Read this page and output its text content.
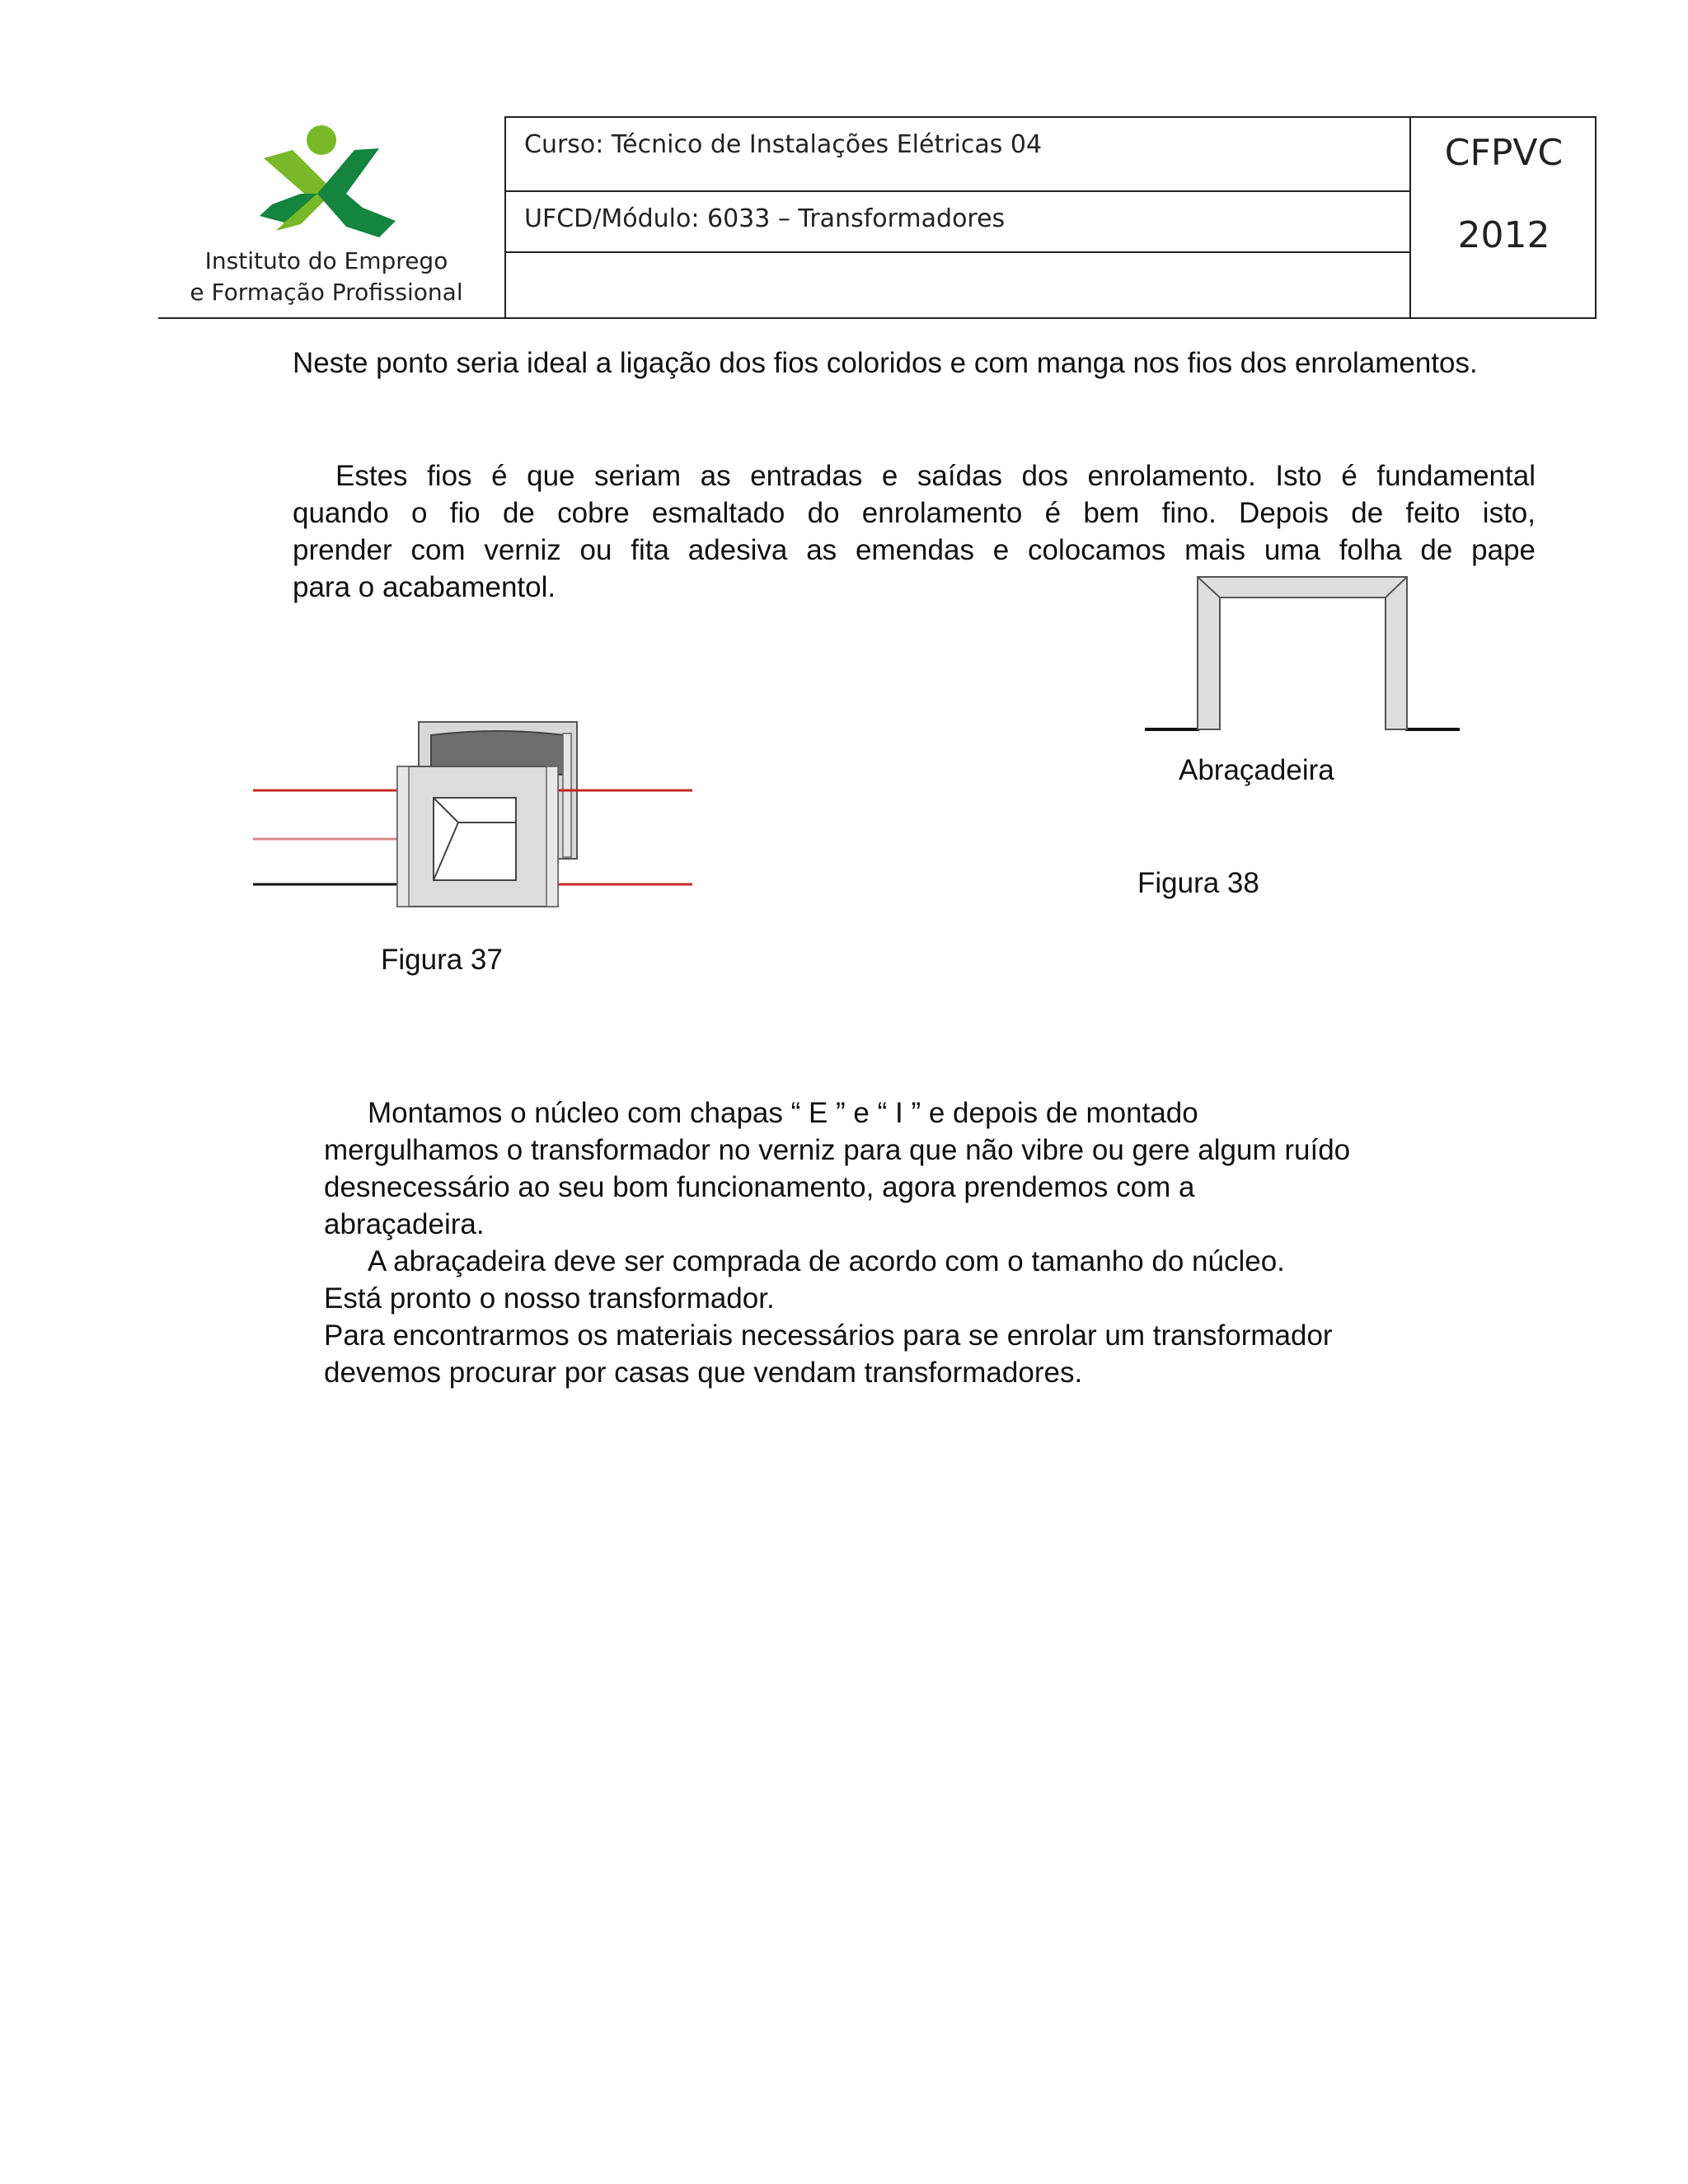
Instituto do Emprego
e Formação Profissional
Curso: Técnico de Instalações Elétricas 04
UFCD/Módulo: 6033 – Transformadores
CFPVC
2012
Neste ponto seria ideal a ligação dos fios coloridos e com manga nos fios dos enrolamentos.
Estes fios é que seriam as entradas e saídas dos enrolamento. Isto é fundamental
quando o fio de cobre esmaltado do enrolamento é bem fino. Depois de feito isto,
prender com verniz ou fita adesiva as emendas e colocamos mais uma folha de pape
para o acabamentol.
Figura 37
Abraçadeira
Figura 38
Montamos o núcleo com chapas “ E ” e “ I ” e depois de montado
mergulhamos o transformador no verniz para que não vibre ou gere algum ruído
desnecessário ao seu bom funcionamento, agora prendemos com a
abraçadeira.
A abraçadeira deve ser comprada de acordo com o tamanho do núcleo.
Está pronto o nosso transformador.
Para encontrarmos os materiais necessários para se enrolar um transformador
devemos procurar por casas que vendam transformadores.
